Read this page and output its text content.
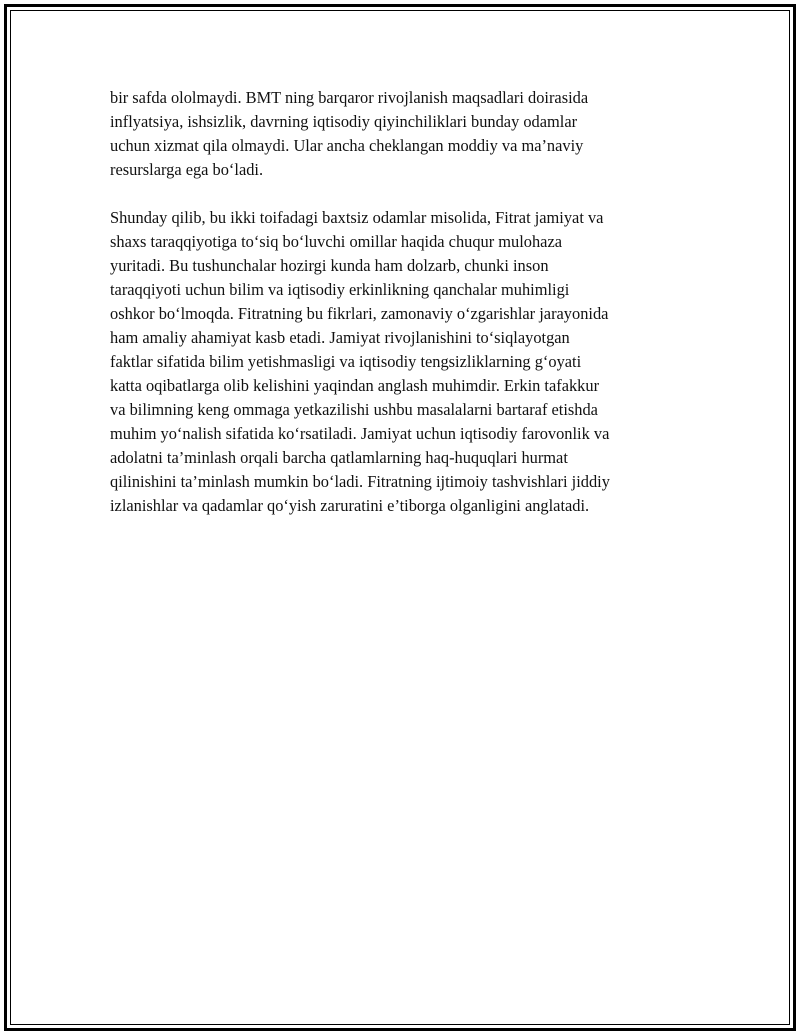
bir safda ololmaydi. BMT ning barqaror rivojlanish maqsadlari doirasida
inflyatsiya, ishsizlik, davrning iqtisodiy qiyinchiliklari bunday odamlar
uchun xizmat qila olmaydi. Ular ancha cheklangan moddiy va ma’naviy
resurslarga ega bo‘ladi.

Shunday qilib, bu ikki toifadagi baxtsiz odamlar misolida, Fitrat jamiyat va
shaxs taraqqiyotiga to‘siq bo‘luvchi omillar haqida chuqur mulohaza
yuritadi. Bu tushunchalar hozirgi kunda ham dolzarb, chunki inson
taraqqiyoti uchun bilim va iqtisodiy erkinlikning qanchalar muhimligi
oshkor bo‘lmoqda. Fitratning bu fikrlari, zamonaviy o‘zgarishlar jarayonida
ham amaliy ahamiyat kasb etadi. Jamiyat rivojlanishini to‘siqlayotgan
faktlar sifatida bilim yetishmasligi va iqtisodiy tengsizliklarning g‘oyati
katta oqibatlarga olib kelishini yaqindan anglash muhimdir. Erkin tafakkur
va bilimning keng ommaga yetkazilishi ushbu masalalarni bartaraf etishda
muhim yo‘nalish sifatida ko‘rsatiladi. Jamiyat uchun iqtisodiy farovonlik va
adolatni ta’minlash orqali barcha qatlamlarning haq-huquqlari hurmat
qilinishini ta’minlash mumkin bo‘ladi. Fitratning ijtimoiy tashvishlari jiddiy
izlanishlar va qadamlar qo‘yish zaruratini e’tiborga olganligini anglatadi.
